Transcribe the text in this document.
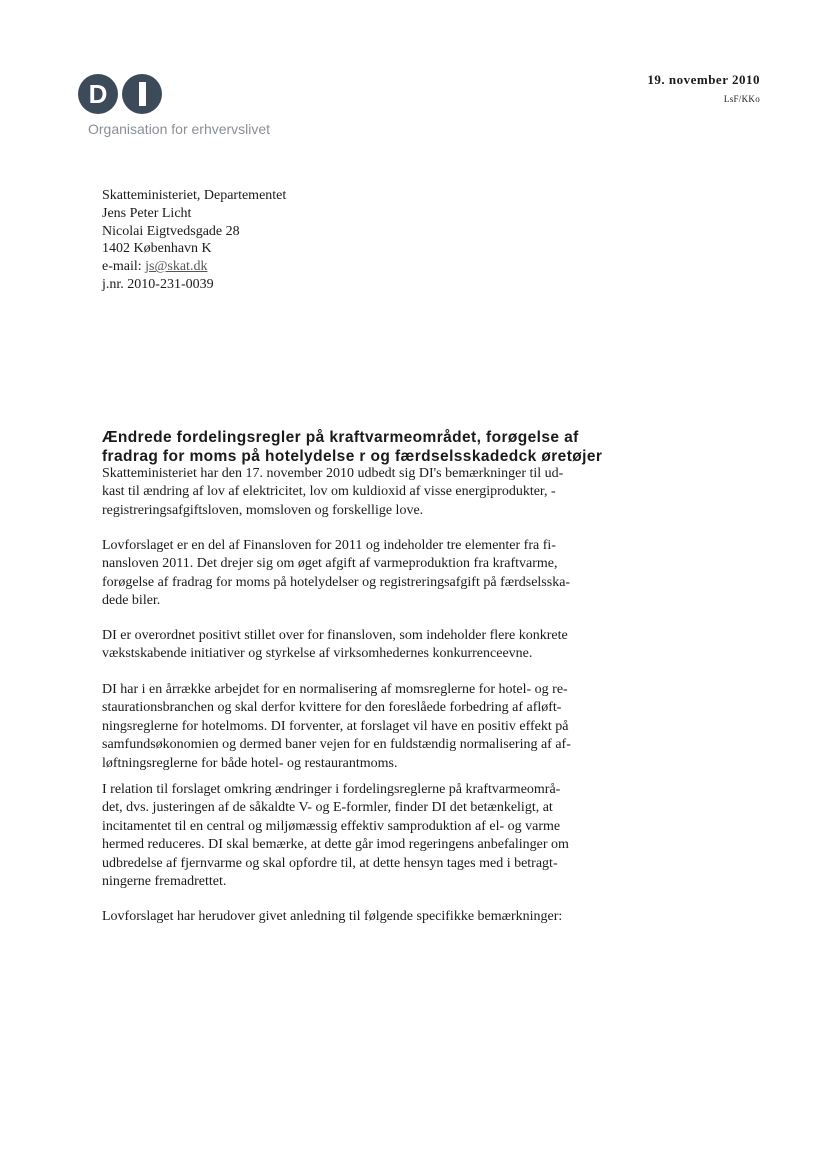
D
Organisation for erhvervslivet
19. november 2010
LsF/KKo
Skatteministeriet, Departementet
Jens Peter Licht
Nicolai Eigtvedsgade 28
1402 København K
e-mail: js@skat.dk
j.nr. 2010-231-0039
Ændrede fordelingsregler på kraftvarmeområdet, forøgelse af
fradrag for moms på hotelydelse r og færdselsskadedck øretøjer
Skatteministeriet har den 17. november 2010 udbedt sig DI's bemærkninger til ud-
kast til ændring af lov af elektricitet, lov om kuldioxid af visse energiprodukter, -
registreringsafgiftsloven, momsloven og forskellige love.
Lovforslaget er en del af Finansloven for 2011 og indeholder tre elementer fra fi-
nansloven 2011. Det drejer sig om øget afgift af varmeproduktion fra kraftvarme,
forøgelse af fradrag for moms på hotelydelser og registreringsafgift på færdselsska-
dede biler.
DI er overordnet positivt stillet over for finansloven, som indeholder flere konkrete
vækstskabende initiativer og styrkelse af virksomhedernes konkurrenceevne.
DI har i en årrække arbejdet for en normalisering af momsreglerne for hotel- og re-
staurationsbranchen og skal derfor kvittere for den foreslåede forbedring af afløft-
ningsreglerne for hotelmoms. DI forventer, at forslaget vil have en positiv effekt på
samfundsøkonomien og dermed baner vejen for en fuldstændig normalisering af af-
løftningsreglerne for både hotel- og restaurantmoms.
I relation til forslaget omkring ændringer i fordelingsreglerne på kraftvarmeområ-
det, dvs. justeringen af de såkaldte V- og E-formler, finder DI det betænkeligt, at
incitamentet til en central og miljømæssig effektiv samproduktion af el- og varme
hermed reduceres. DI skal bemærke, at dette går imod regeringens anbefalinger om
udbredelse af fjernvarme og skal opfordre til, at dette hensyn tages med i betragt-
ningerne fremadrettet.
Lovforslaget har herudover givet anledning til følgende specifikke bemærkninger:
